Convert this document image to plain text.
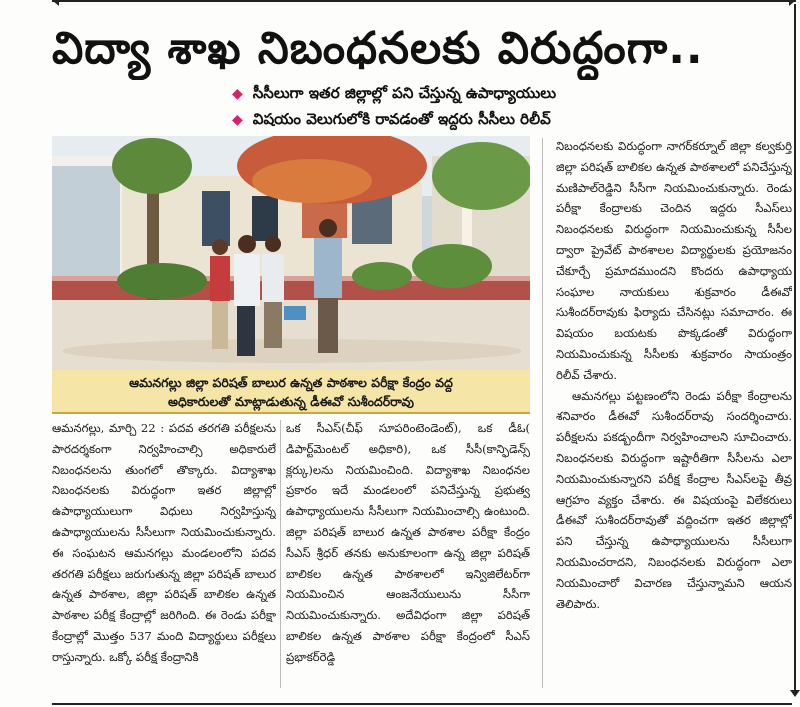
విద్యా శాఖ నిబంధనలకు విరుద్ధంగా..
◆ సీసీలుగా ఇతర జిల్లాల్లో పని చేస్తున్న ఉపాధ్యాయులు
◆ విషయం వెలుగులోకి రావడంతో ఇద్దరు సీసీలు రిలీవ్
ఆమనగల్లు జిల్లా పరిషత్ బాలుర ఉన్నత పాఠశాల పరీక్షా కేంద్రం వద్ద
అధికారులతో మాట్లాడుతున్న డీఈవో సుశీందర్‌రావు

ఆమనగల్లు, మార్చి 22 : పదవ తరగతి పరీక్షలను పారదర్శకంగా నిర్వహించాల్సి అధికారులే నిబంధనలను తుంగలో తొక్కారు. విద్యాశాఖ నిబంధనలకు విరుద్ధంగా ఇతర జిల్లాల్లో ఉపాధ్యాయులుగా విధులు నిర్వహిస్తున్న ఉపాధ్యాయులను సీసీలుగా నియమించుకున్నారు. ఈ సంఘటన ఆమనగల్లు మండలంలోని పదవ తరగతి పరీక్షలు జరుగుతున్న జిల్లా పరిషత్ బాలుర ఉన్నత పాఠశాల, జిల్లా పరిషత్ బాలికల ఉన్నత పాఠశాల పరీక్ష కేంద్రాల్లో జరిగింది. ఈ రెండు పరీక్షా కేంద్రాల్లో మొత్తం 537 మంది విద్యార్థులు పరీక్షలు రాస్తున్నారు. ఒక్కో పరీక్ష కేంద్రానికి

ఒక సీఎస్(చీఫ్ సూపరింటెండెంట్), ఒక డీఓ( డిపార్ట్‌మెంటల్ అధికారి), ఒక సీసీ(కాన్ఫిడెన్స్ క్లర్కు)లను నియమించింది. విద్యాశాఖ నిబంధనల ప్రకారం ఇదే మండలంలో పనిచేస్తున్న ప్రభుత్వ ఉపాధ్యాయులను సీసీలుగా నియమించాల్సి ఉంటుంది. జిల్లా పరిషత్ బాలుర ఉన్నత పాఠశాల పరీక్షా కేంద్రం సీఎస్ శ్రీధర్ తనకు అనుకూలంగా ఉన్న జిల్లా పరిషత్ బాలికల ఉన్నత పాఠశాలలో ఇన్విజిలేటర్‌గా నియమించిన ఆంజనేయులును సీసీగా నియమించుకున్నారు. అదేవిధంగా జిల్లా పరిషత్ బాలికల ఉన్నత పాఠశాల పరీక్షా కేంద్రంలో సీఎస్ ప్రభాకర్‌రెడ్డి

నిబంధనలకు విరుద్ధంగా నాగర్‌కర్నూల్ జిల్లా కల్వకుర్తి జిల్లా పరిషత్ బాలికల ఉన్నత పాఠశాలలో పనిచేస్తున్న మణిపాల్‌రెడ్డిని సీసీగా నియమించుకున్నారు. రెండు పరీక్షా కేంద్రాలకు చెందిన ఇద్దరు సీఎస్‌లు నిబంధనలకు విరుద్ధంగా నియమించుకున్న సీసీల ద్వారా ప్రైవేట్ పాఠశాలల విద్యార్థులకు ప్రయోజనం చేకూర్చే ప్రమాదముందని కొందరు ఉపాధ్యాయ సంఘాల నాయకులు శుక్రవారం డీఈవో సుశీందర్‌రావుకు ఫిర్యాదు చేసినట్లు సమాచారం. ఈ విషయం బయటకు పొక్కడంతో విరుద్ధంగా నియమించుకున్న సీసీలకు శుక్రవారం సాయంత్రం రిలీవ్ చేశారు.

ఆమనగల్లు పట్టణంలోని రెండు పరీక్షా కేంద్రాలను శనివారం డీఈవో సుశీందర్‌రావు సందర్శించారు. పరీక్షలను పకడ్బందీగా నిర్వహించాలని సూచించారు. నిబంధనలకు విరుద్ధంగా ఇష్టారీతిగా సీసీలను ఎలా నియమించుకున్నారని పరీక్ష కేంద్రాల సీఎస్‌లపై తీవ్ర ఆగ్రహం వ్యక్తం చేశారు. ఈ విషయంపై విలేకరులు డీఈవో సుశీందర్‌రావుతో వద్దించగా ఇతర జిల్లాల్లో పని చేస్తున్న ఉపాధ్యాయులను సీసీలుగా నియమించరాదని, నిబంధనలకు విరుద్ధంగా ఎలా నియమించారో విచారణ చేస్తున్నామని ఆయన తెలిపారు.
